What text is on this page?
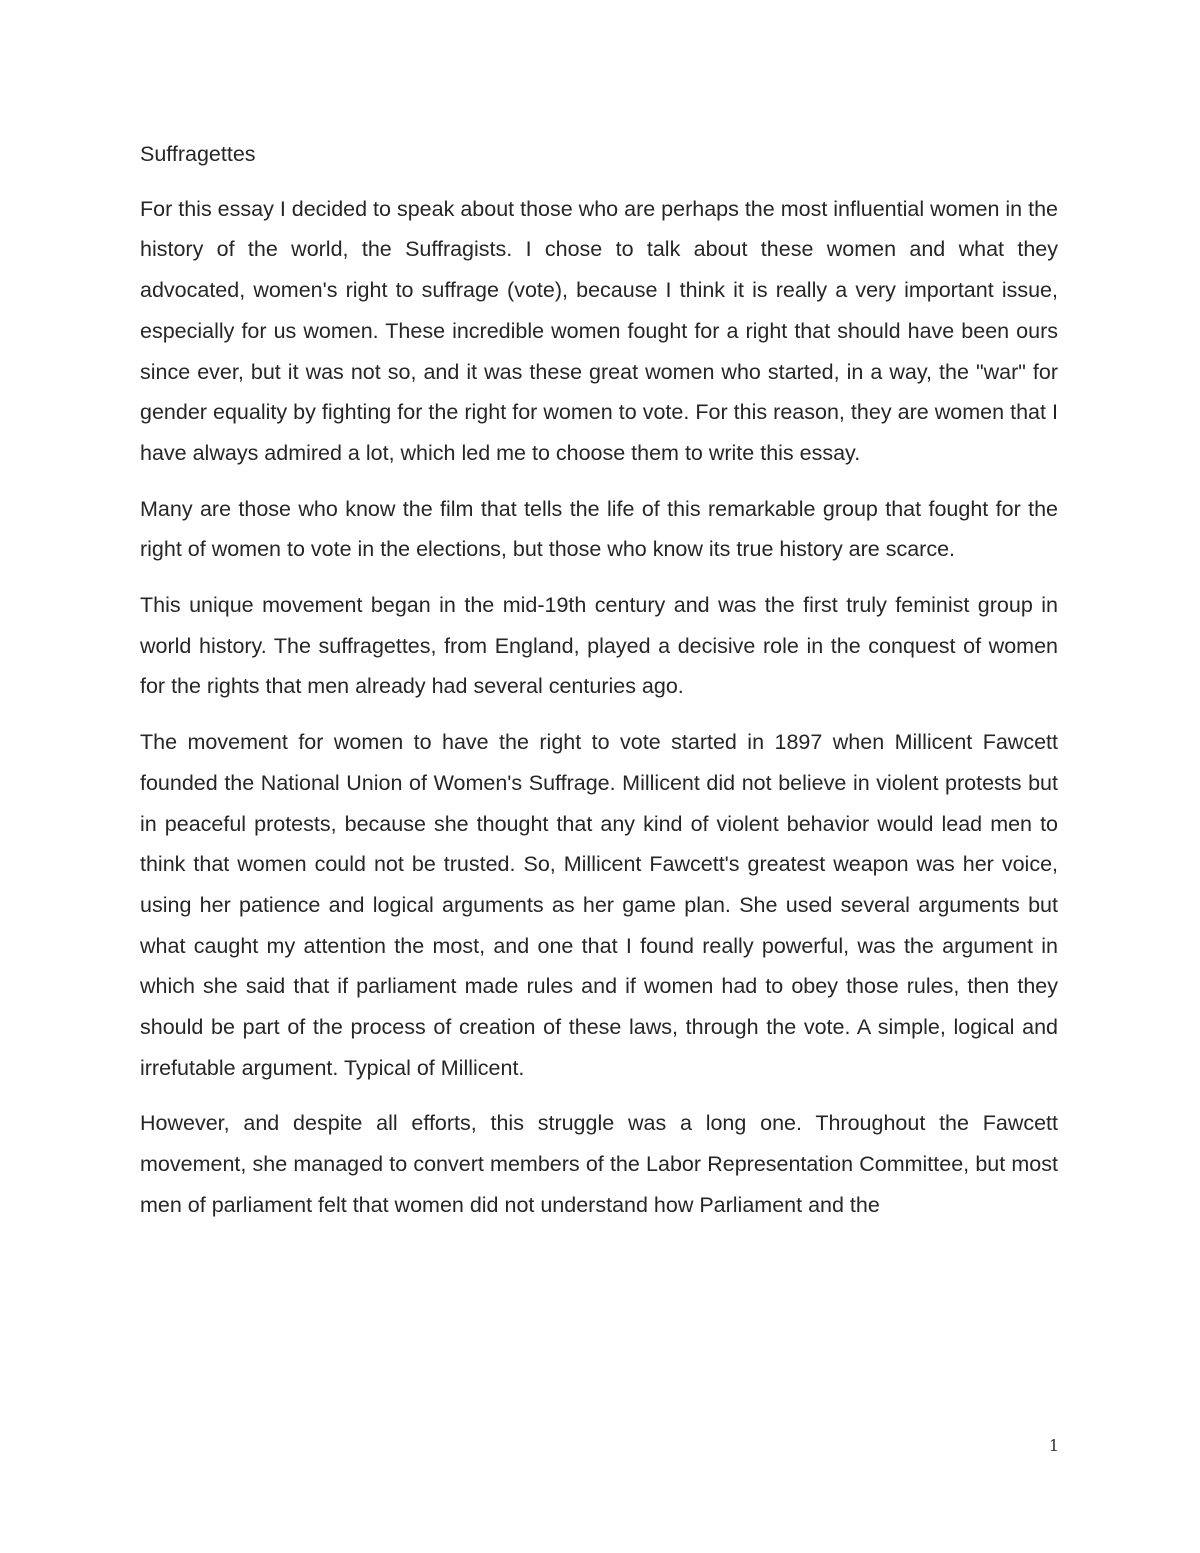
Suffragettes

For this essay I decided to speak about those who are perhaps the most influential women in the history of the world, the Suffragists. I chose to talk about these women and what they advocated, women's right to suffrage (vote), because I think it is really a very important issue, especially for us women. These incredible women fought for a right that should have been ours since ever, but it was not so, and it was these great women who started, in a way, the "war" for gender equality by fighting for the right for women to vote. For this reason, they are women that I have always admired a lot, which led me to choose them to write this essay.

Many are those who know the film that tells the life of this remarkable group that fought for the right of women to vote in the elections, but those who know its true history are scarce.

This unique movement began in the mid-19th century and was the first truly feminist group in world history. The suffragettes, from England, played a decisive role in the conquest of women for the rights that men already had several centuries ago.

The movement for women to have the right to vote started in 1897 when Millicent Fawcett founded the National Union of Women's Suffrage. Millicent did not believe in violent protests but in peaceful protests, because she thought that any kind of violent behavior would lead men to think that women could not be trusted. So, Millicent Fawcett's greatest weapon was her voice, using her patience and logical arguments as her game plan. She used several arguments but what caught my attention the most, and one that I found really powerful, was the argument in which she said that if parliament made rules and if women had to obey those rules, then they should be part of the process of creation of these laws, through the vote. A simple, logical and irrefutable argument. Typical of Millicent.

However, and despite all efforts, this struggle was a long one. Throughout the Fawcett movement, she managed to convert members of the Labor Representation Committee, but most men of parliament felt that women did not understand how Parliament and the

1
